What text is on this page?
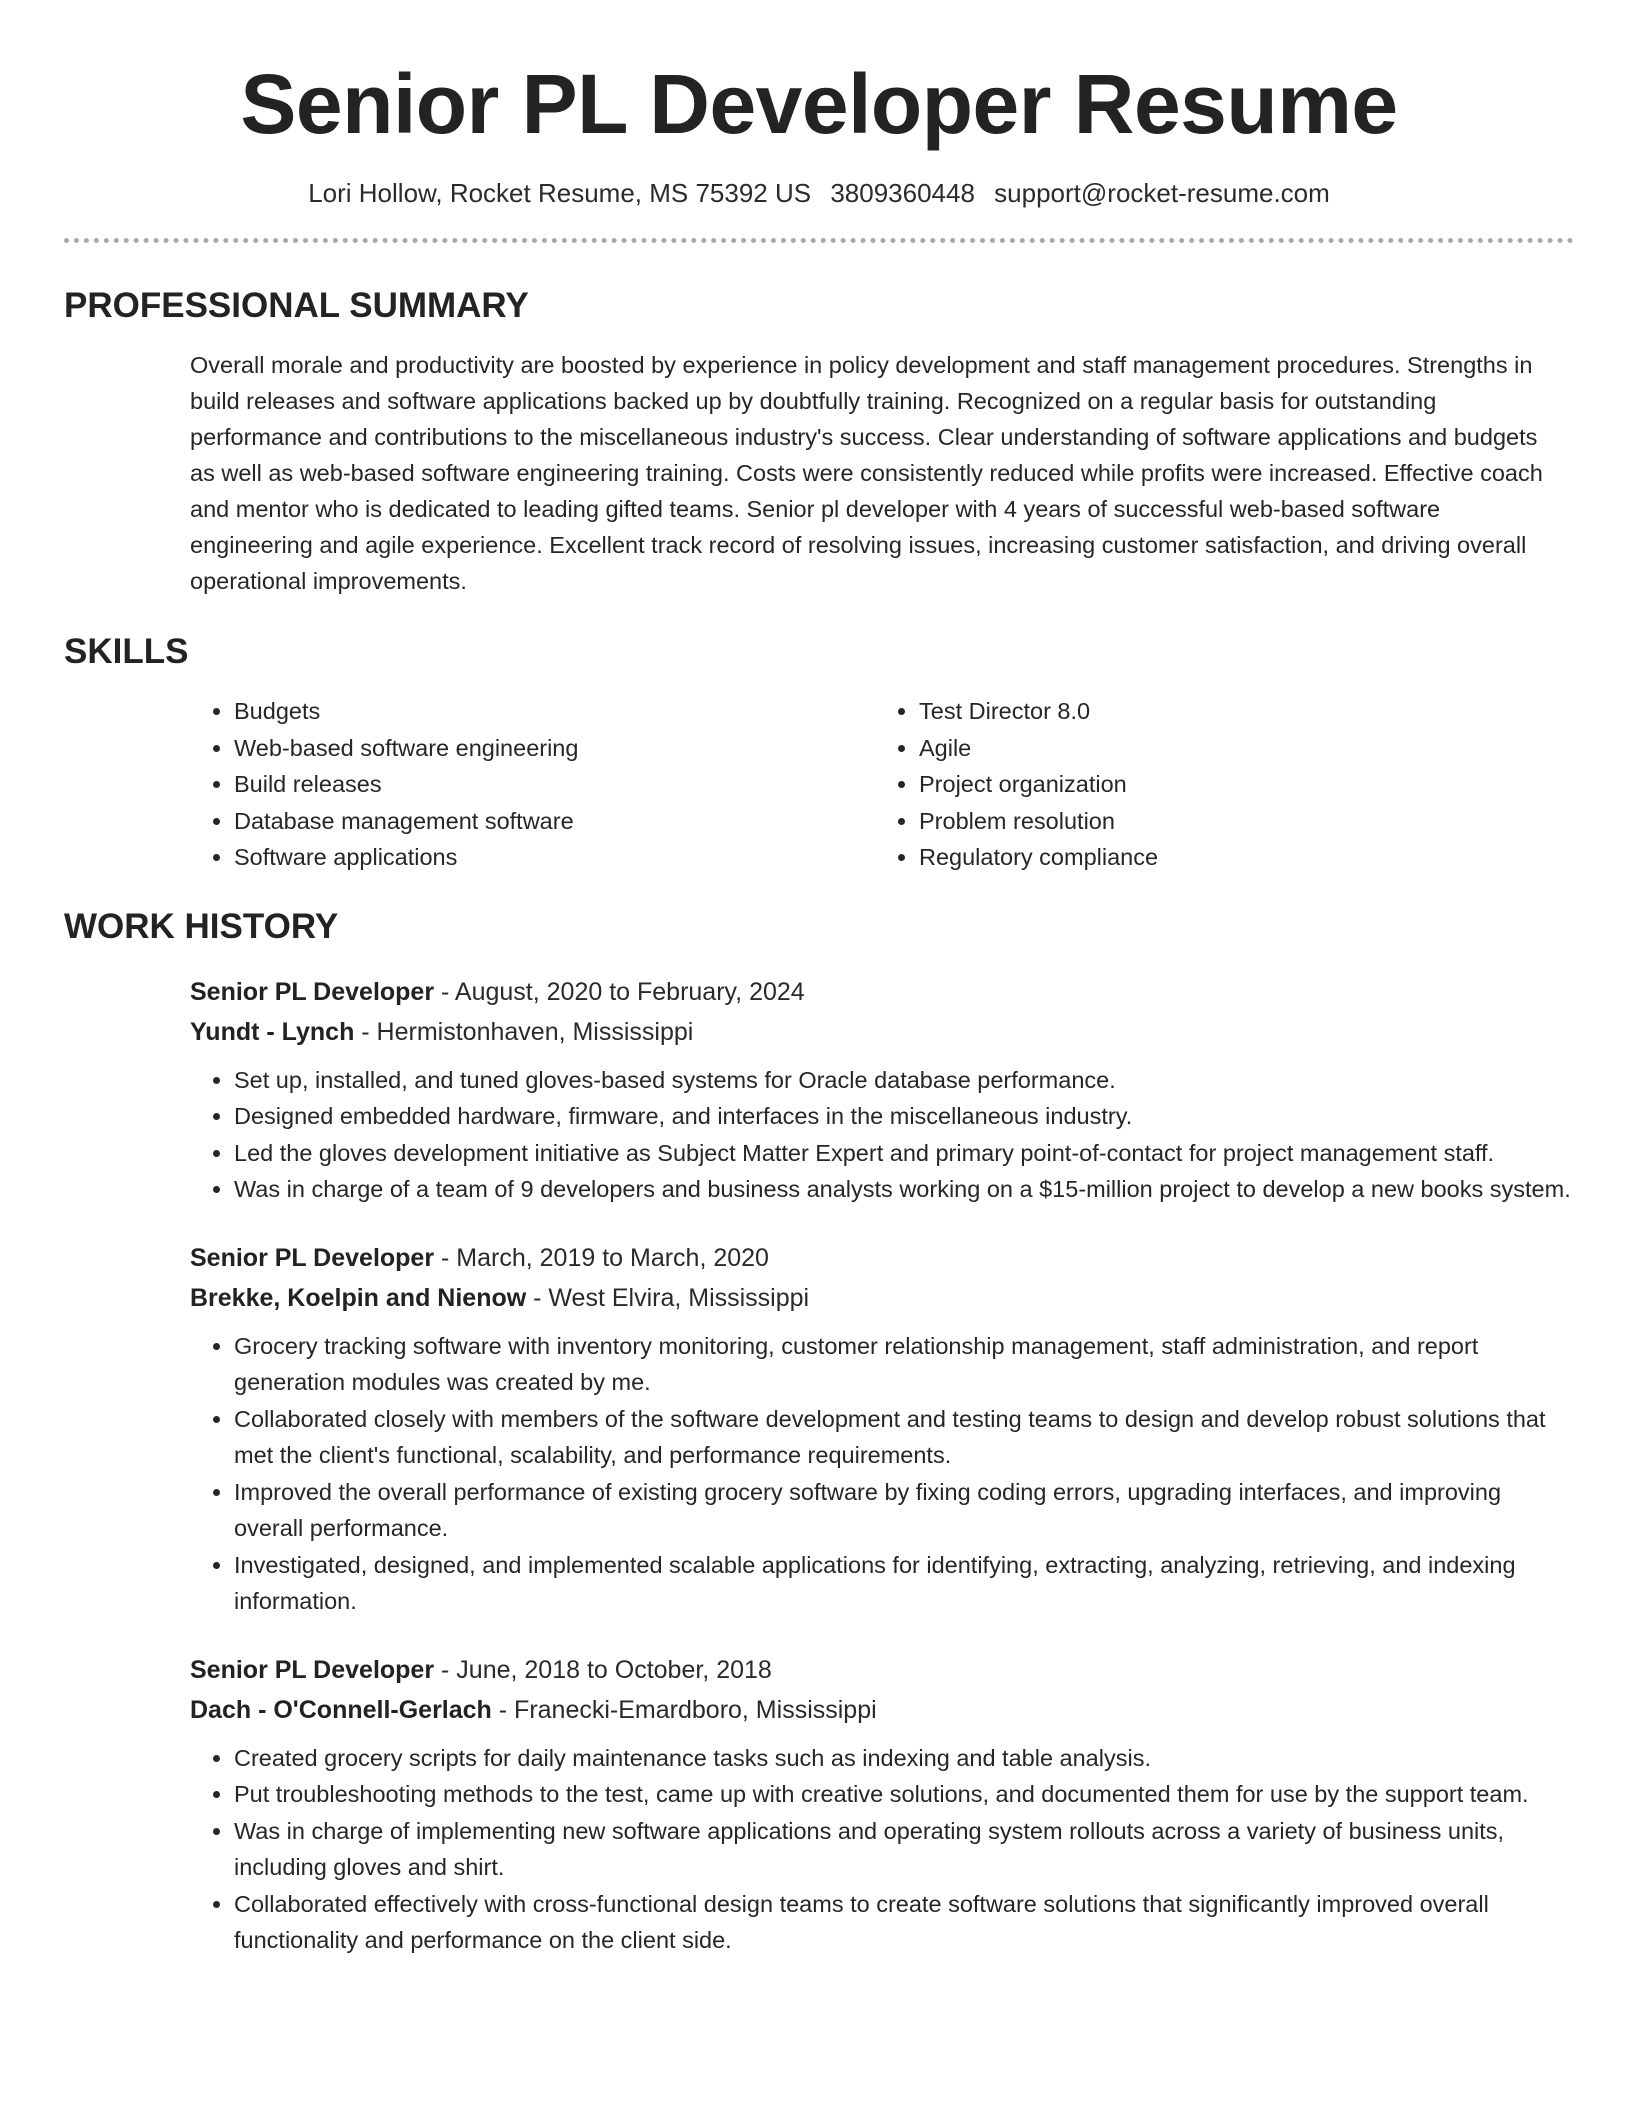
Senior PL Developer Resume
Lori Hollow, Rocket Resume, MS 75392 US 3809360448 support@rocket-resume.com
PROFESSIONAL SUMMARY

Overall morale and productivity are boosted by experience in policy development and staff management procedures. Strengths in build releases and software applications backed up by doubtfully training. Recognized on a regular basis for outstanding performance and contributions to the miscellaneous industry's success. Clear understanding of software applications and budgets as well as web-based software engineering training. Costs were consistently reduced while profits were increased. Effective coach and mentor who is dedicated to leading gifted teams. Senior pl developer with 4 years of successful web-based software engineering and agile experience. Excellent track record of resolving issues, increasing customer satisfaction, and driving overall operational improvements.

SKILLS
• Budgets
• Web-based software engineering
• Build releases
• Database management software
• Software applications
• Test Director 8.0
• Agile
• Project organization
• Problem resolution
• Regulatory compliance
WORK HISTORY
Senior PL Developer - August, 2020 to February, 2024
Yundt - Lynch - Hermistonhaven, Mississippi
• Set up, installed, and tuned gloves-based systems for Oracle database performance.
• Designed embedded hardware, firmware, and interfaces in the miscellaneous industry.
• Led the gloves development initiative as Subject Matter Expert and primary point-of-contact for project management staff.
• Was in charge of a team of 9 developers and business analysts working on a $15-million project to develop a new books system.
Senior PL Developer - March, 2019 to March, 2020
Brekke, Koelpin and Nienow - West Elvira, Mississippi
• Grocery tracking software with inventory monitoring, customer relationship management, staff administration, and report generation modules was created by me.
• Collaborated closely with members of the software development and testing teams to design and develop robust solutions that met the client's functional, scalability, and performance requirements.
• Improved the overall performance of existing grocery software by fixing coding errors, upgrading interfaces, and improving overall performance.
• Investigated, designed, and implemented scalable applications for identifying, extracting, analyzing, retrieving, and indexing information.
Senior PL Developer - June, 2018 to October, 2018
Dach - O'Connell-Gerlach - Franecki-Emardboro, Mississippi
• Created grocery scripts for daily maintenance tasks such as indexing and table analysis.
• Put troubleshooting methods to the test, came up with creative solutions, and documented them for use by the support team.
• Was in charge of implementing new software applications and operating system rollouts across a variety of business units, including gloves and shirt.
• Collaborated effectively with cross-functional design teams to create software solutions that significantly improved overall functionality and performance on the client side.
